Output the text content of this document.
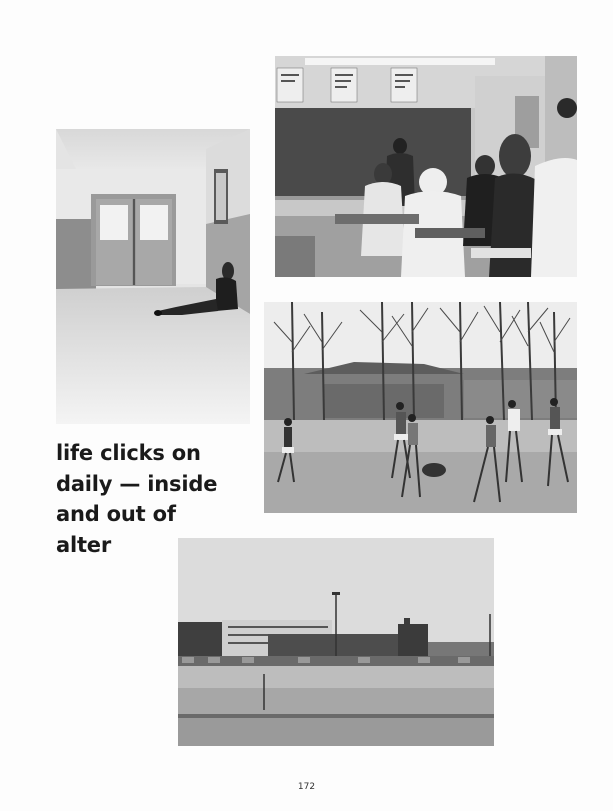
life clicks on
daily — inside
and out of
alter
172
